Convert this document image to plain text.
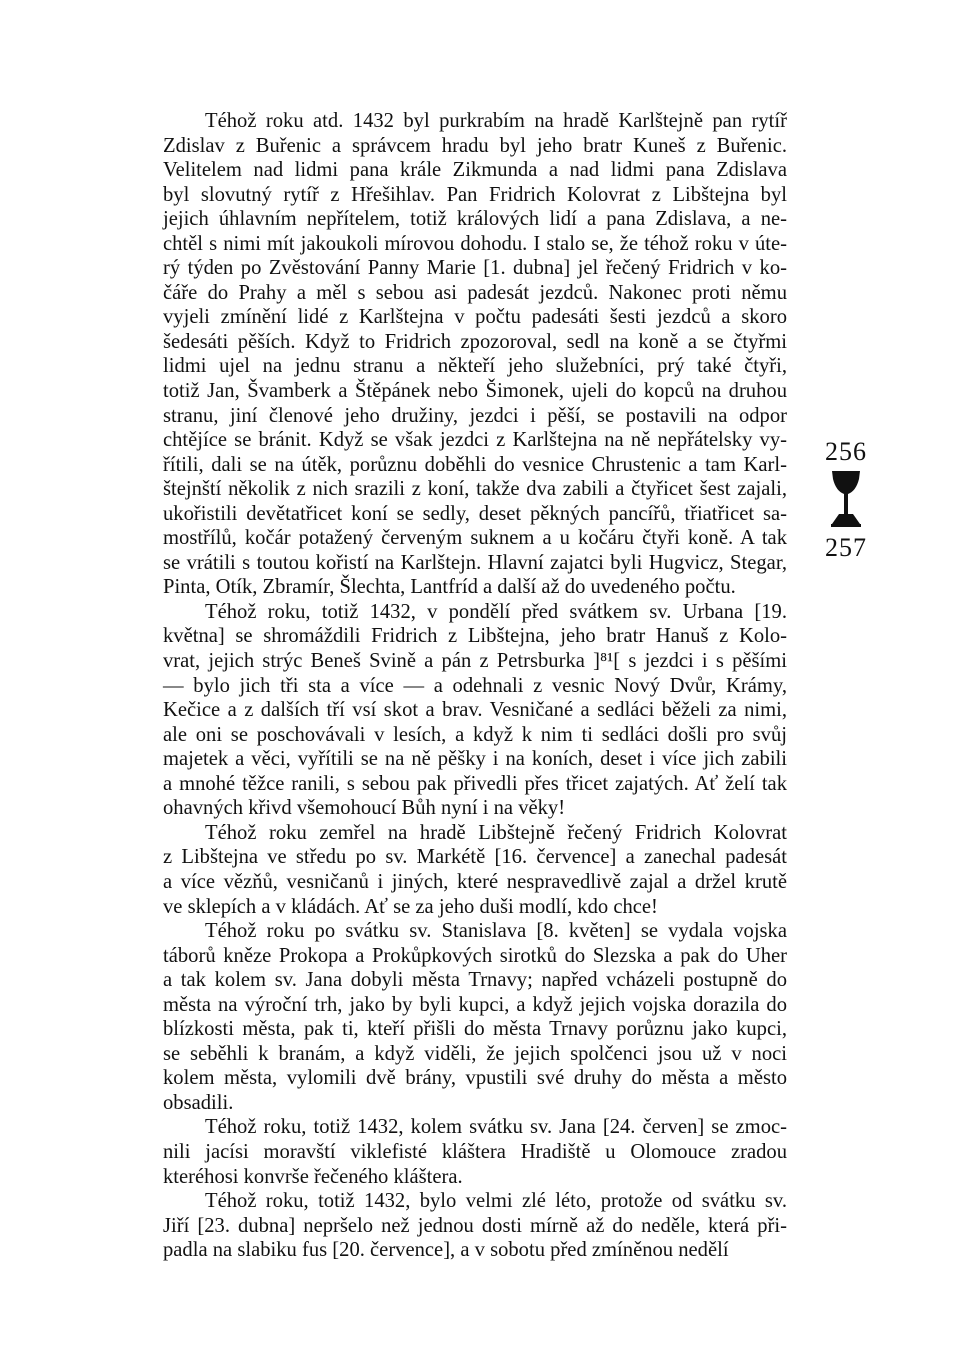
Téhož roku atd. 1432 byl purkrabím na hradě Karlštejně pan rytíř
Zdislav z Buřenic a správcem hradu byl jeho bratr Kuneš z Buřenic.
Velitelem nad lidmi pana krále Zikmunda a nad lidmi pana Zdislava
byl slovutný rytíř z Hřešihlav. Pan Fridrich Kolovrat z Libštejna byl
jejich úhlavním nepřítelem, totiž králových lidí a pana Zdislava, a ne-
chtěl s nimi mít jakoukoli mírovou dohodu. I stalo se, že téhož roku v úte-
rý týden po Zvěstování Panny Marie [1. dubna] jel řečený Fridrich v ko-
čáře do Prahy a měl s sebou asi padesát jezdců. Nakonec proti němu
vyjeli zmínění lidé z Karlštejna v počtu padesáti šesti jezdců a skoro
šedesáti pěších. Když to Fridrich zpozoroval, sedl na koně a se čtyřmi
lidmi ujel na jednu stranu a někteří jeho služebníci, prý také čtyři,
totiž Jan, Švamberk a Štěpánek nebo Šimonek, ujeli do kopců na druhou
stranu, jiní členové jeho družiny, jezdci i pěší, se postavili na odpor
chtějíce se bránit. Když se však jezdci z Karlštejna na ně nepřátelsky vy-
řítili, dali se na útěk, porůznu doběhli do vesnice Chrustenic a tam Karl-
štejnští několik z nich srazili z koní, takže dva zabili a čtyřicet šest zajali,
ukořistili devětatřicet koní se sedly, deset pěkných pancířů, třiatřicet sa-
mostřílů, kočár potažený červeným suknem a u kočáru čtyři koně. A tak
se vrátili s toutou kořistí na Karlštejn. Hlavní zajatci byli Hugvicz, Stegar,
Pinta, Otík, Zbramír, Šlechta, Lantfríd a další až do uvedeného počtu.
Téhož roku, totiž 1432, v pondělí před svátkem sv. Urbana [19.
května] se shromáždili Fridrich z Libštejna, jeho bratr Hanuš z Kolo-
vrat, jejich strýc Beneš Svině a pán z Petrsburka ]⁸¹[ s jezdci i s pěšími
— bylo jich tři sta a více — a odehnali z vesnic Nový Dvůr, Krámy,
Kečice a z dalších tří vsí skot a brav. Vesničané a sedláci běželi za nimi,
ale oni se poschovávali v lesích, a když k nim ti sedláci došli pro svůj
majetek a věci, vyřítili se na ně pěšky i na koních, deset i více jich zabili
a mnohé těžce ranili, s sebou pak přivedli přes třicet zajatých. Ať želí tak
ohavných křivd všemohoucí Bůh nyní i na věky!
Téhož roku zemřel na hradě Libštejně řečený Fridrich Kolovrat
z Libštejna ve středu po sv. Markétě [16. července] a zanechal padesát
a více vězňů, vesničanů i jiných, které nespravedlivě zajal a držel krutě
ve sklepích a v kládách. Ať se za jeho duši modlí, kdo chce!
Téhož roku po svátku sv. Stanislava [8. květen] se vydala vojska
táborů kněze Prokopa a Prokůpkových sirotků do Slezska a pak do Uher
a tak kolem sv. Jana dobyli města Trnavy; napřed vcházeli postupně do
města na výroční trh, jako by byli kupci, a když jejich vojska dorazila do
blízkosti města, pak ti, kteří přišli do města Trnavy porůznu jako kupci,
se seběhli k branám, a když viděli, že jejich spolčenci jsou už v noci
kolem města, vylomili dvě brány, vpustili své druhy do města a město
obsadili.
Téhož roku, totiž 1432, kolem svátku sv. Jana [24. červen] se zmoc-
nili jacísi moravští viklefisté kláštera Hradiště u Olomouce zradou
kteréhosi konvrše řečeného kláštera.
Téhož roku, totiž 1432, bylo velmi zlé léto, protože od svátku sv.
Jiří [23. dubna] nepršelo než jednou dosti mírně až do neděle, která při-
padla na slabiku fus [20. července], a v sobotu před zmíněnou nedělí
256
257
